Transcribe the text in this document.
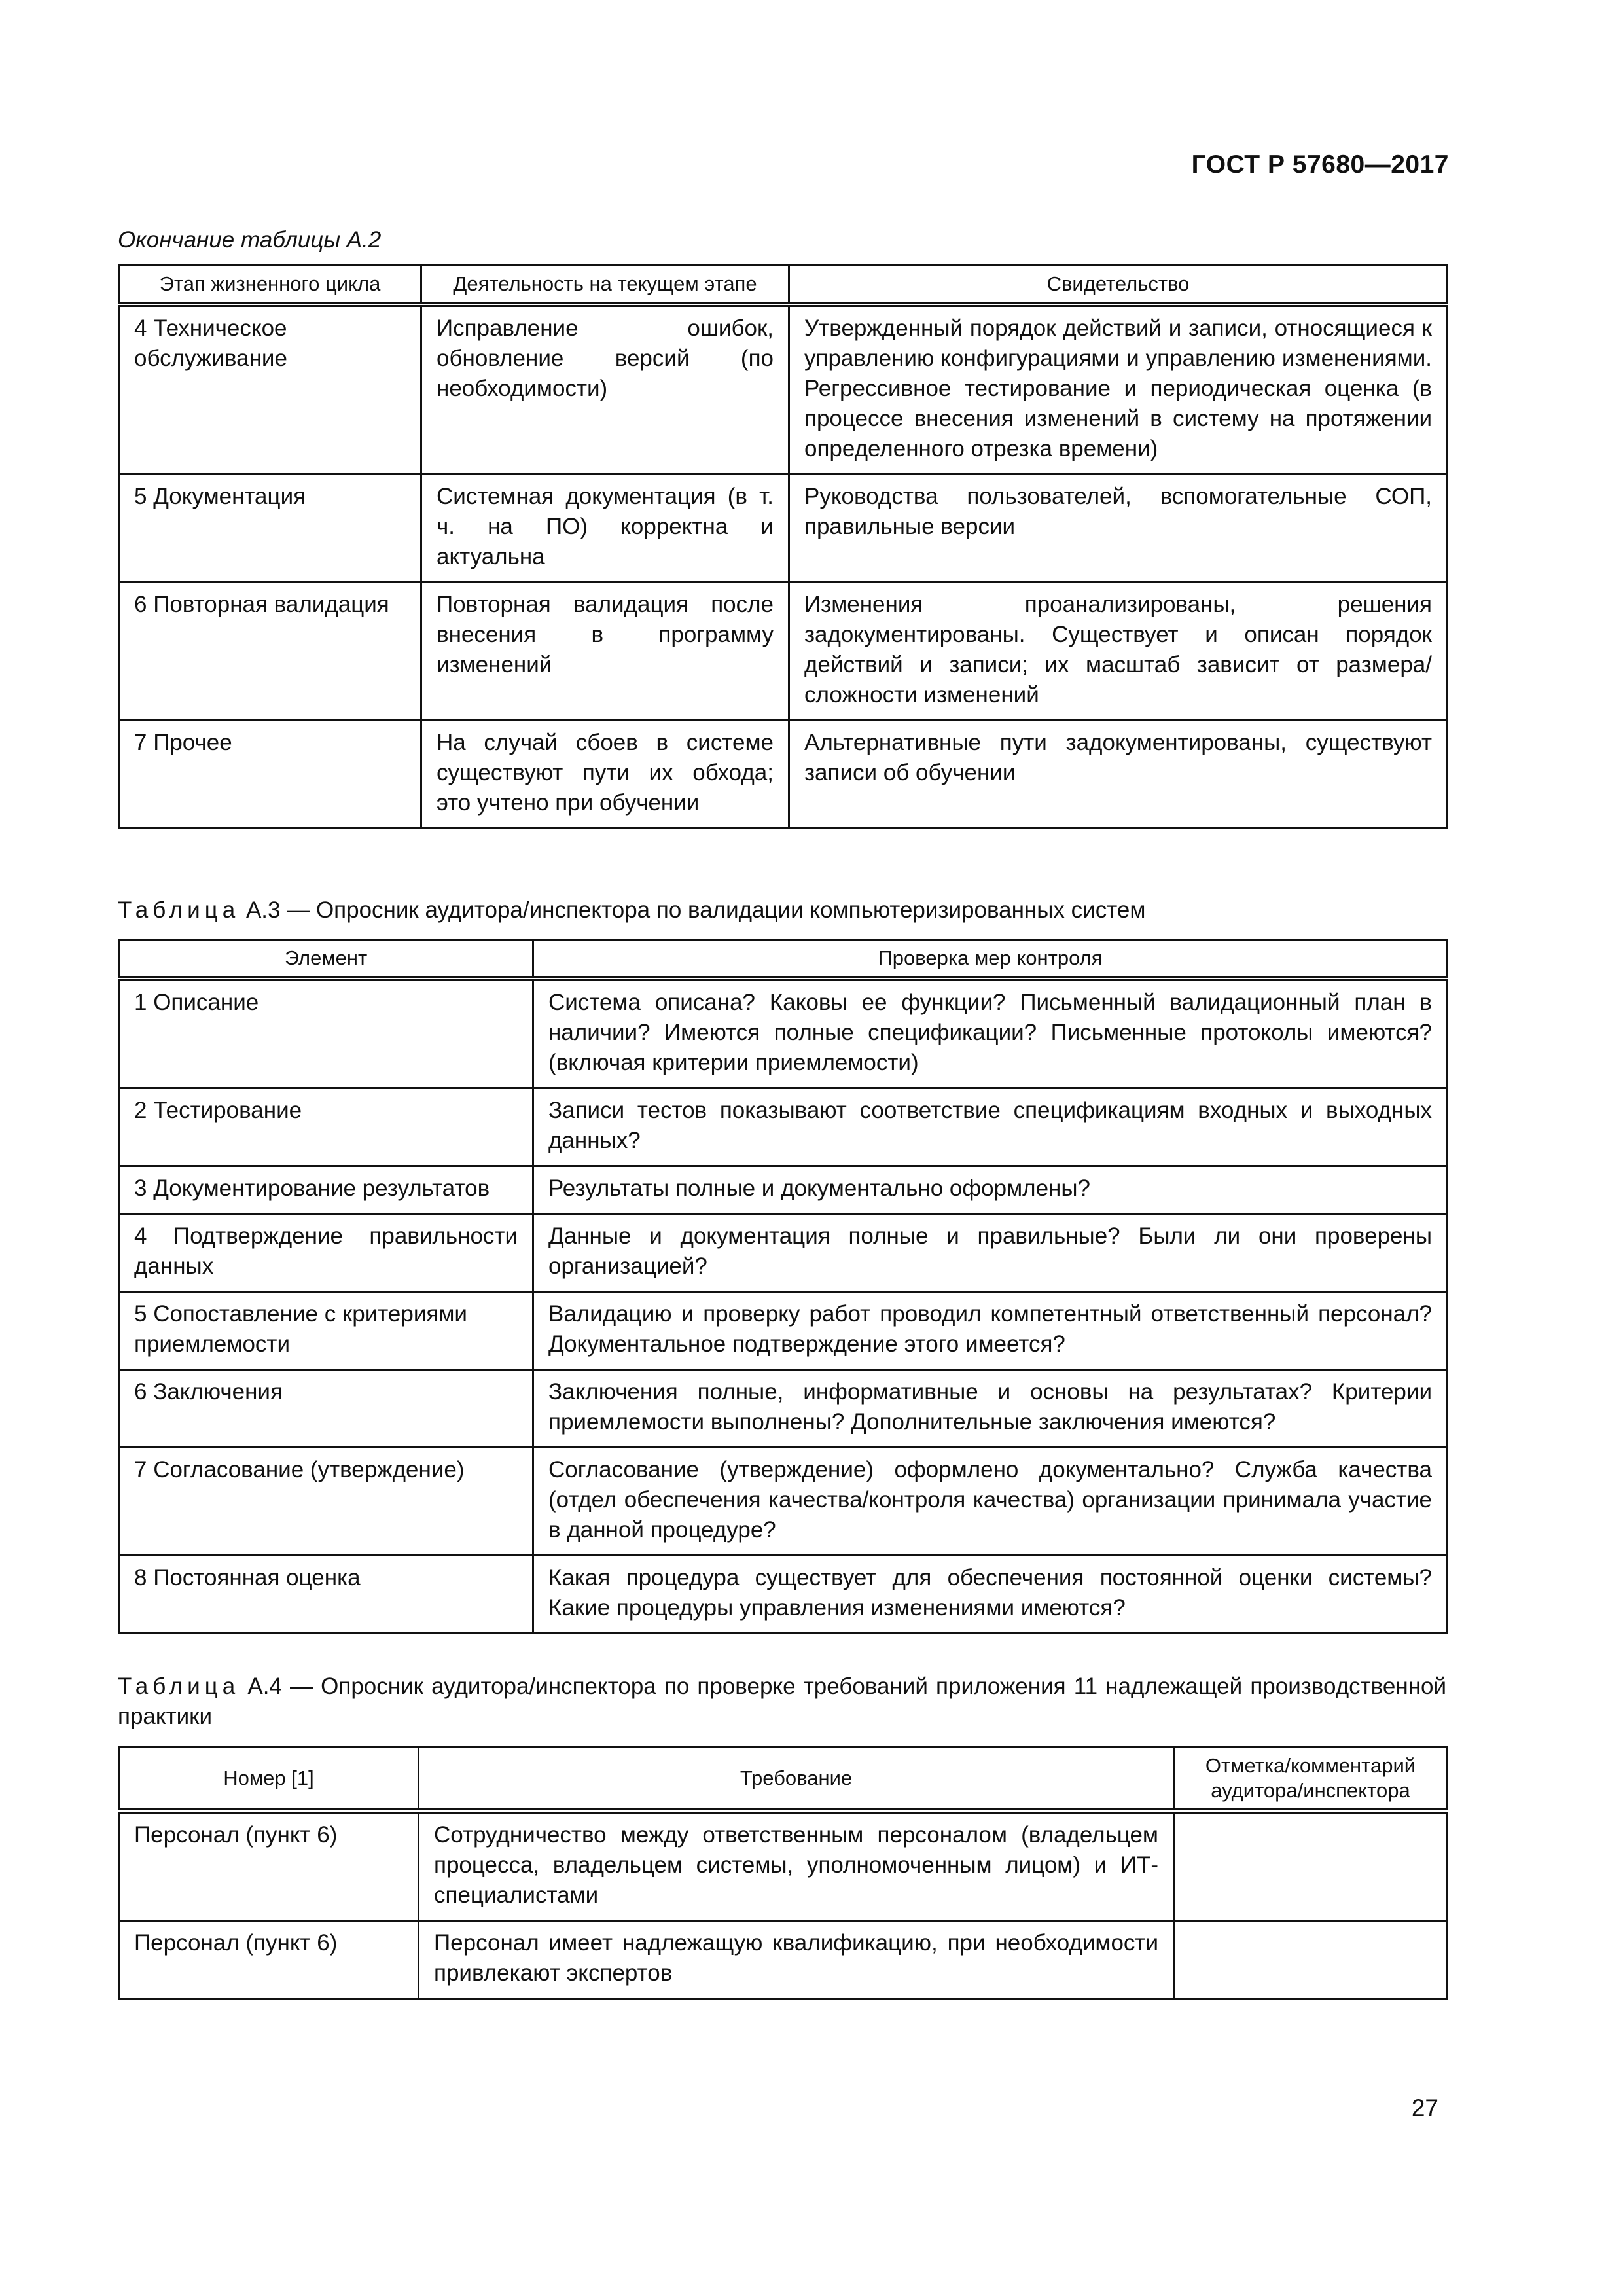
ГОСТ Р 57680—2017
Окончание таблицы А.2
Этап жизненного цикла	Деятельность на текущем этапе	Свидетельство
4 Техническое обслуживание	Исправление ошибок, обновление версий (по необходимости)	Утвержденный порядок действий и записи, относящиеся к управлению конфигурациями и управлению изменениями. Регрессивное тестирование и периодическая оценка (в процессе внесения изменений в систему на протяжении определенного отрезка времени)
5 Документация	Системная документация (в т. ч. на ПО) корректна и актуальна	Руководства пользователей, вспомогательные СОП, правильные версии
6 Повторная валидация	Повторная валидация после внесения в программу изменений	Изменения проанализированы, решения задокументированы. Существует и описан порядок действий и записи; их масштаб зависит от размера/сложности изменений
7 Прочее	На случай сбоев в системе существуют пути их обхода; это учтено при обучении	Альтернативные пути задокументированы, существуют записи об обучении
Таблица А.3 — Опросник аудитора/инспектора по валидации компьютеризированных систем
Элемент	Проверка мер контроля
1 Описание	Система описана? Каковы ее функции? Письменный валидационный план в наличии? Имеются полные спецификации? Письменные протоколы имеются? (включая критерии приемлемости)
2 Тестирование	Записи тестов показывают соответствие спецификациям входных и выходных данных?
3 Документирование результатов	Результаты полные и документально оформлены?
4 Подтверждение правильности данных	Данные и документация полные и правильные? Были ли они проверены организацией?
5 Сопоставление с критериями приемлемости	Валидацию и проверку работ проводил компетентный ответственный персонал? Документальное подтверждение этого имеется?
6 Заключения	Заключения полные, информативные и основы на результатах? Критерии приемлемости выполнены? Дополнительные заключения имеются?
7 Согласование (утверждение)	Согласование (утверждение) оформлено документально? Служба качества (отдел обеспечения качества/контроля качества) организации принимала участие в данной процедуре?
8 Постоянная оценка	Какая процедура существует для обеспечения постоянной оценки системы? Какие процедуры управления изменениями имеются?
Таблица А.4 — Опросник аудитора/инспектора по проверке требований приложения 11 надлежащей производственной практики
Номер [1]	Требование	Отметка/комментарий аудитора/инспектора
Персонал (пункт 6)	Сотрудничество между ответственным персоналом (владельцем процесса, владельцем системы, уполномоченным лицом) и ИТ-специалистами	
Персонал (пункт 6)	Персонал имеет надлежащую квалификацию, при необходимости привлекают экспертов	
27
